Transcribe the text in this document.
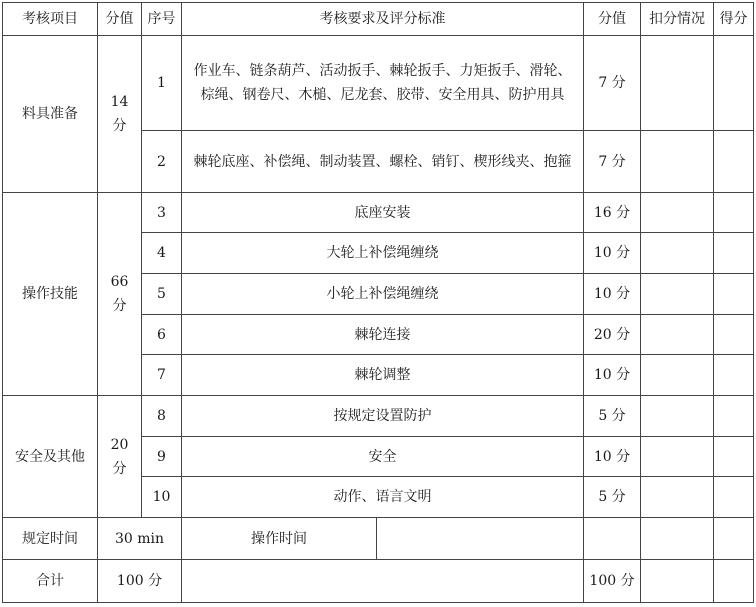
考核项目	分值	序号	考核要求及评分标准		分值	扣分情况	得分
料具准备	14 分	1	作业车、链条葫芦、活动扳手、棘轮扳手、力矩扳手、滑轮、棕绳、钢卷尺、木槌、尼龙套、胶带、安全用具、防护用具		7 分		
		2	棘轮底座、补偿绳、制动装置、螺栓、销钉、楔形线夹、抱箍		7 分		
操作技能	66 分	3	底座安装		16 分		
		4	大轮上补偿绳缠绕		10 分		
		5	小轮上补偿绳缠绕		10 分		
		6	棘轮连接		20 分		
		7	棘轮调整		10 分		
安全及其他	20 分	8	按规定设置防护		5 分		
		9	安全		10 分		
		10	动作、语言文明		5 分		
规定时间	30 min		操作时间				
合计	100 分				100 分		
